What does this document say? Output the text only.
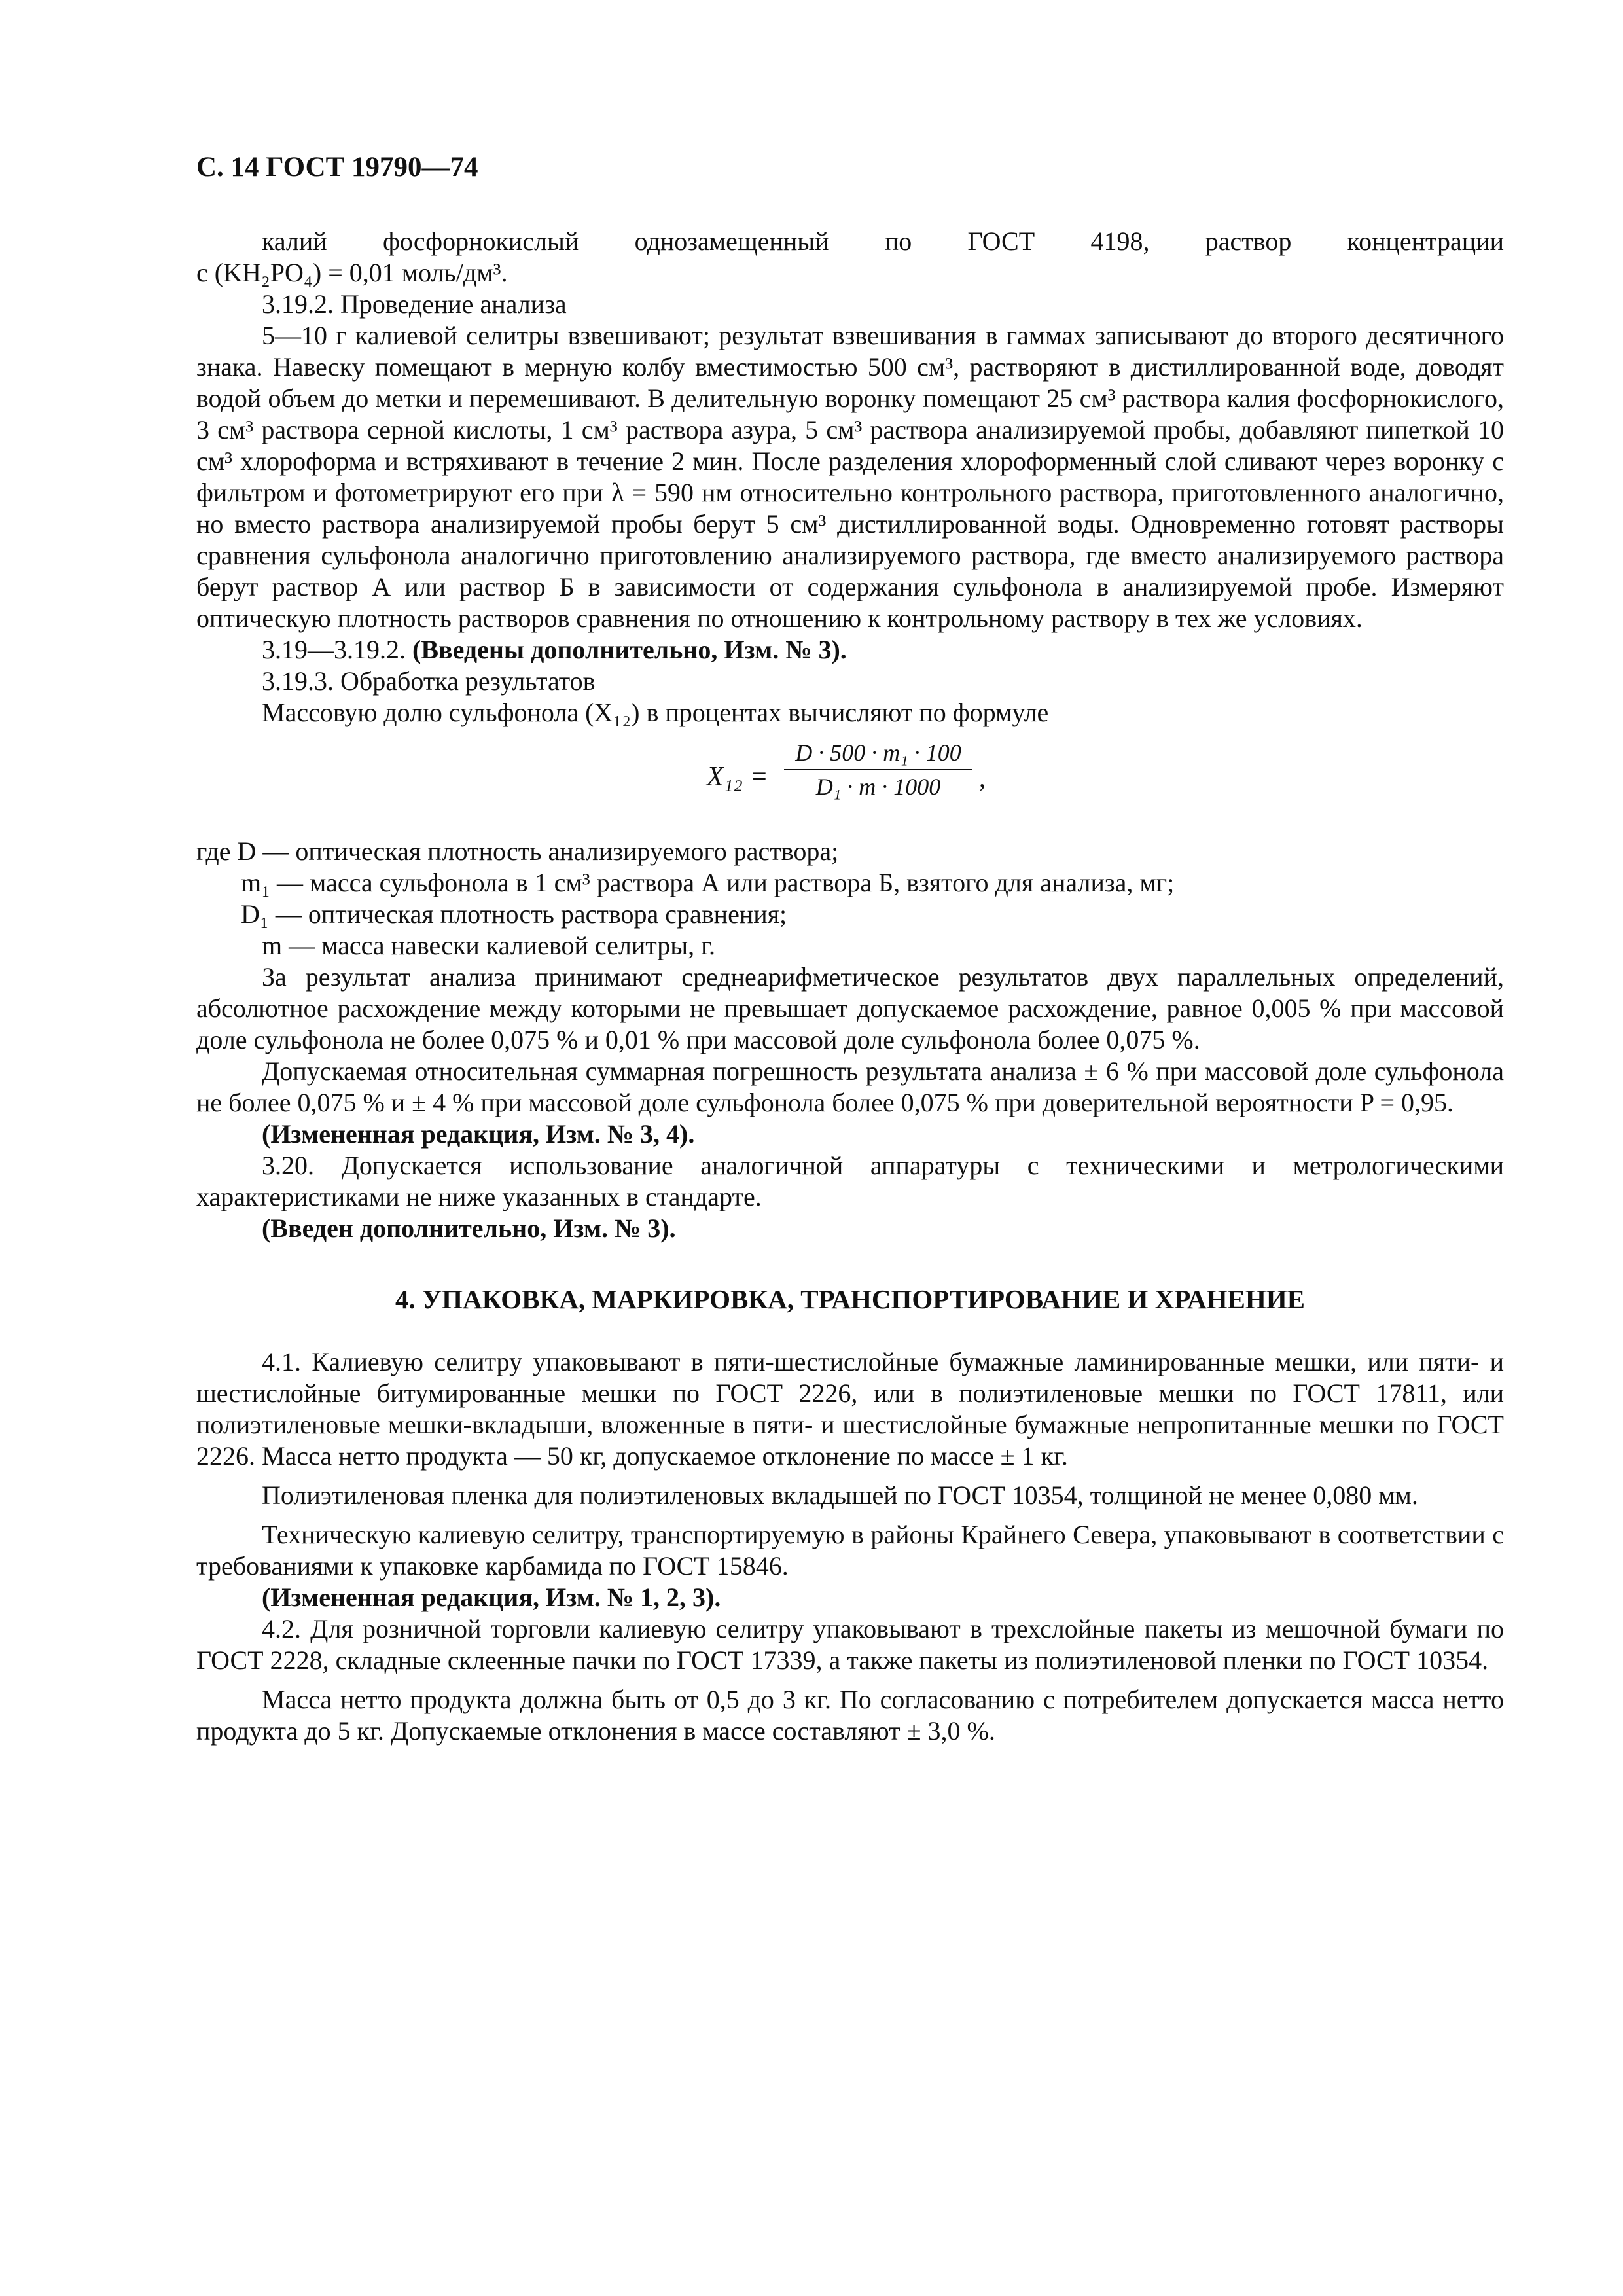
С. 14 ГОСТ 19790—74

калий фосфорнокислый однозамещенный по ГОСТ 4198, раствор концентрации

c (KH₂PO₄) = 0,01 моль/дм³.

3.19.2. Проведение анализа

5—10 г калиевой селитры взвешивают; результат взвешивания в гаммах записывают до второго десятичного знака. Навеску помещают в мерную колбу вместимостью 500 см³, растворяют в дистиллированной воде, доводят водой объем до метки и перемешивают. В делительную воронку помещают 25 см³ раствора калия фосфорнокислого, 3 см³ раствора серной кислоты, 1 см³ раствора азура, 5 см³ раствора анализируемой пробы, добавляют пипеткой 10 см³ хлороформа и встряхивают в течение 2 мин. После разделения хлороформенный слой сливают через воронку с фильтром и фотометрируют его при λ = 590 нм относительно контрольного раствора, приготовленного аналогично, но вместо раствора анализируемой пробы берут 5 см³ дистиллированной воды. Одновременно готовят растворы сравнения сульфонола аналогично приготовлению анализируемого раствора, где вместо анализируемого раствора берут раствор А или раствор Б в зависимости от содержания сульфонола в анализируемой пробе. Измеряют оптическую плотность растворов сравнения по отношению к контрольному раствору в тех же условиях.

3.19—3.19.2. (Введены дополнительно, Изм. № 3).

3.19.3. Обработка результатов

Массовую долю сульфонола (X₁₂) в процентах вычисляют по формуле

X₁₂ =
D · 500 · m₁ · 100
D₁ · m · 1000	,

где D — оптическая плотность анализируемого раствора;

m₁ — масса сульфонола в 1 см³ раствора А или раствора Б, взятого для анализа, мг;

D₁ — оптическая плотность раствора сравнения;

m — масса навески калиевой селитры, г.

За результат анализа принимают среднеарифметическое результатов двух параллельных определений, абсолютное расхождение между которыми не превышает допускаемое расхождение, равное 0,005 % при массовой доле сульфонола не более 0,075 % и 0,01 % при массовой доле сульфонола более 0,075 %.

Допускаемая относительная суммарная погрешность результата анализа ± 6 % при массовой доле сульфонола не более 0,075 % и ± 4 % при массовой доле сульфонола более 0,075 % при доверительной вероятности P = 0,95.

(Измененная редакция, Изм. № 3, 4).

3.20. Допускается использование аналогичной аппаратуры с техническими и метрологическими характеристиками не ниже указанных в стандарте.

(Введен дополнительно, Изм. № 3).

4. УПАКОВКА, МАРКИРОВКА, ТРАНСПОРТИРОВАНИЕ И ХРАНЕНИЕ

4.1. Калиевую селитру упаковывают в пяти-шестислойные бумажные ламинированные мешки, или пяти- и шестислойные битумированные мешки по ГОСТ 2226, или в полиэтиленовые мешки по ГОСТ 17811, или полиэтиленовые мешки-вкладыши, вложенные в пяти- и шестислойные бумажные непропитанные мешки по ГОСТ 2226. Масса нетто продукта — 50 кг, допускаемое отклонение по массе ± 1 кг.

Полиэтиленовая пленка для полиэтиленовых вкладышей по ГОСТ 10354, толщиной не менее 0,080 мм.

Техническую калиевую селитру, транспортируемую в районы Крайнего Севера, упаковывают в соответствии с требованиями к упаковке карбамида по ГОСТ 15846.

(Измененная редакция, Изм. № 1, 2, 3).

4.2. Для розничной торговли калиевую селитру упаковывают в трехслойные пакеты из мешочной бумаги по ГОСТ 2228, складные склеенные пачки по ГОСТ 17339, а также пакеты из полиэтиленовой пленки по ГОСТ 10354.

Масса нетто продукта должна быть от 0,5 до 3 кг. По согласованию с потребителем допускается масса нетто продукта до 5 кг. Допускаемые отклонения в массе составляют ± 3,0 %.
